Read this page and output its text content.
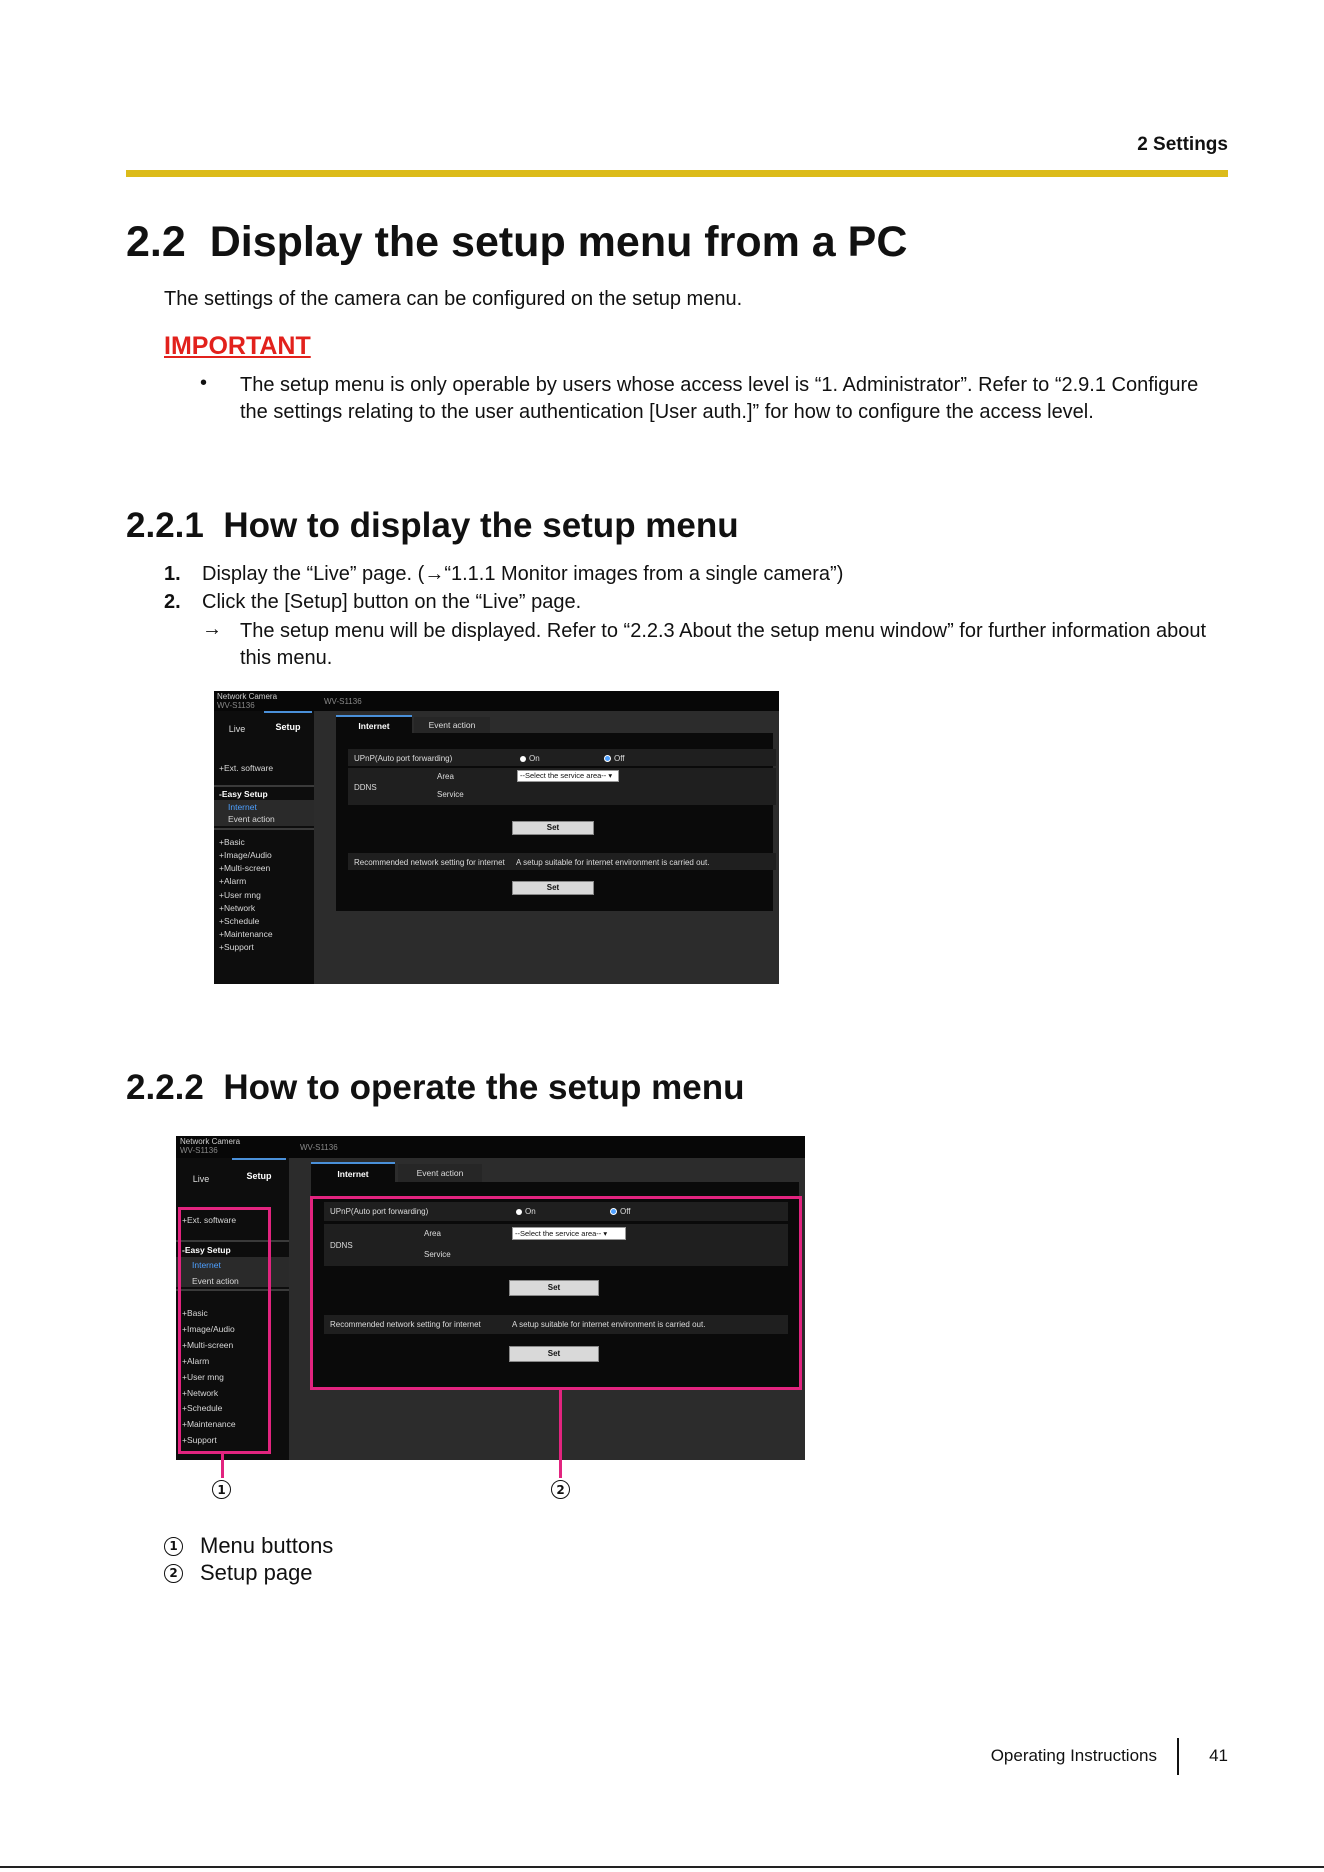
2 Settings
2.2 Display the setup menu from a PC
The settings of the camera can be configured on the setup menu.
IMPORTANT
• The setup menu is only operable by users whose access level is “1. Administrator”. Refer to “2.9.1 Configure the settings relating to the user authentication [User auth.]” for how to configure the access level.
2.2.1 How to display the setup menu
1. Display the “Live” page. (→“1.1.1 Monitor images from a single camera”)
2. Click the [Setup] button on the “Live” page.
→ The setup menu will be displayed. Refer to “2.2.3 About the setup menu window” for further information about this menu.
Network Camera
WV-S1136	WV-S1136
Live	Setup
+Ext. software
-Easy Setup
Internet
Event action
+Basic
+Image/Audio
+Multi-screen
+Alarm
+User mng
+Network
+Schedule
+Maintenance
+Support
Internet	Event action
UPnP(Auto port forwarding)	On	Off
DDNS
Area
Service
--Select the service area-- ▾
Set
Recommended network setting for internet A setup suitable for internet environment is carried out.
Set
2.2.2 How to operate the setup menu
Network Camera
WV-S1136	WV-S1136
Live	Setup
+Ext. software
-Easy Setup
Internet
Event action
+Basic
+Image/Audio
+Multi-screen
+Alarm
+User mng
+Network
+Schedule
+Maintenance
+Support
Internet	Event action
UPnP(Auto port forwarding)	On	Off
DDNS
Area
Service
--Select the service area-- ▾
Set
Recommended network setting for internet	A setup suitable for internet environment is carried out.
Set
1	2
1 Menu buttons
2 Setup page
Operating Instructions	41
